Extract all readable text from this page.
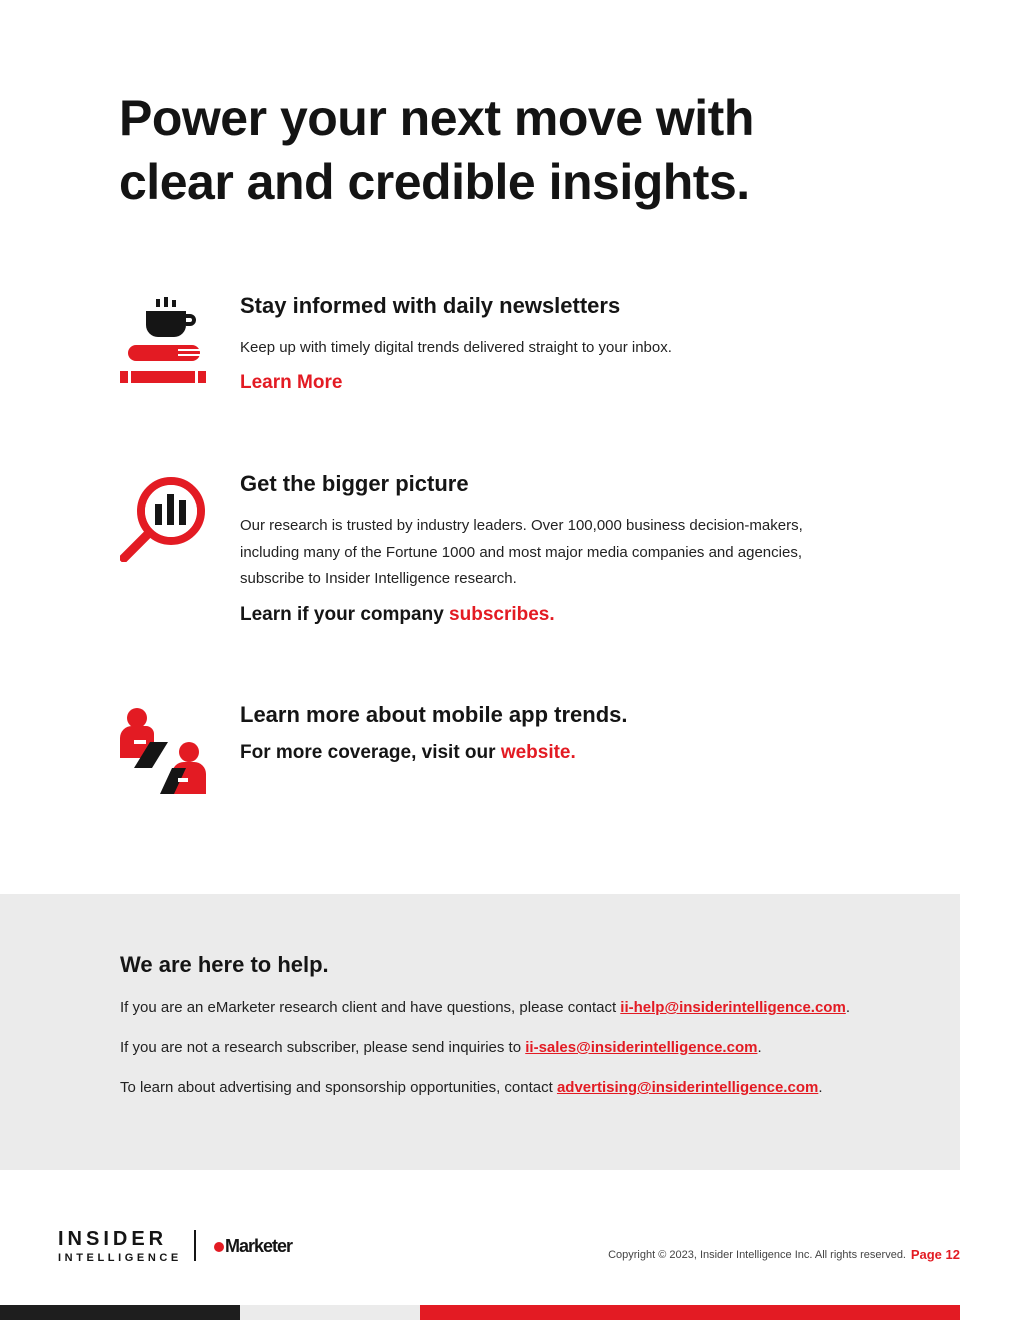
Power your next move with
clear and credible insights.

Stay informed with daily newsletters

Keep up with timely digital trends delivered straight to your inbox.

Learn More

Get the bigger picture

Our research is trusted by industry leaders. Over 100,000 business decision-makers,
including many of the Fortune 1000 and most major media companies and agencies,
subscribe to Insider Intelligence research.

Learn if your company subscribes.

Learn more about mobile app trends.

For more coverage, visit our website.

We are here to help.

If you are an eMarketer research client and have questions, please contact ii-help@insiderintelligence.com.

If you are not a research subscriber, please send inquiries to ii-sales@insiderintelligence.com.

To learn about advertising and sponsorship opportunities, contact advertising@insiderintelligence.com.

INSIDER
INTELLIGENCE
Marketer	Copyright © 2023, Insider Intelligence Inc. All rights reserved. Page 12
